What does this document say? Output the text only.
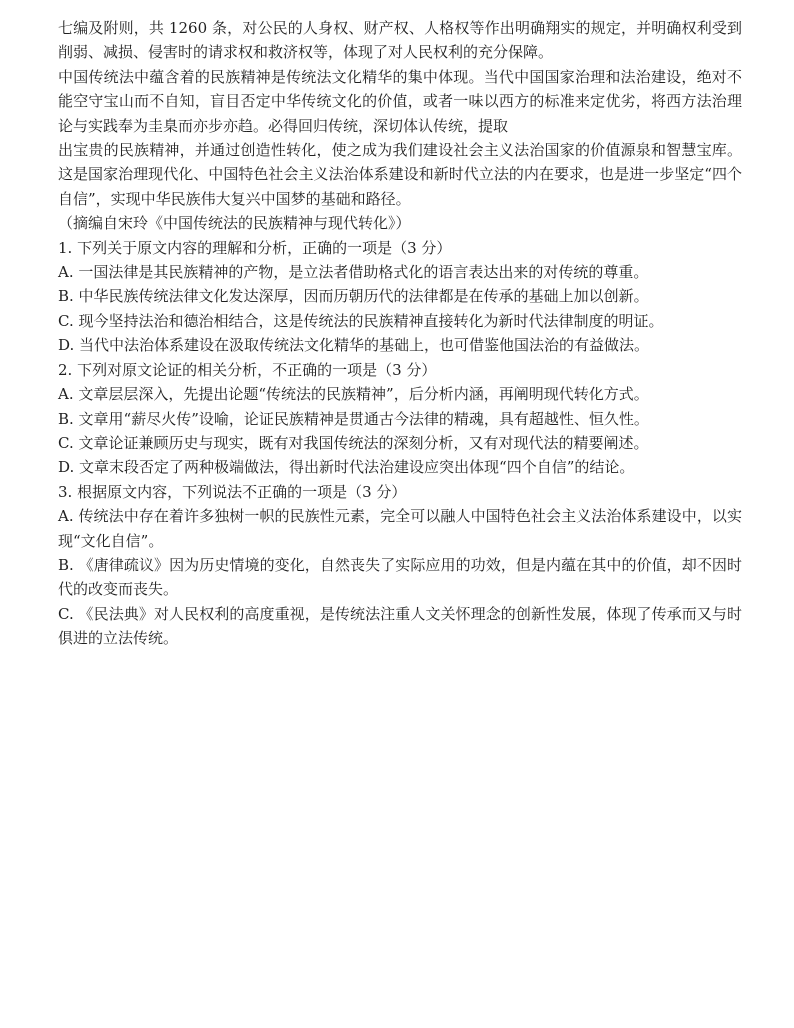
七编及附则，共 1260 条，对公民的人身权、财产权、人格权等作出明确翔实的规定，并明确权利受到削弱、减损、侵害时的请求权和救济权等，体现了对人民权利的充分保障。

中国传统法中蕴含着的民族精神是传统法文化精华的集中体现。当代中国国家治理和法治建设，绝对不能空守宝山而不自知，盲目否定中华传统文化的价值，或者一味以西方的标准来定优劣，将西方法治理论与实践奉为圭臬而亦步亦趋。必得回归传统，深切体认传统，提取

出宝贵的民族精神，并通过创造性转化，使之成为我们建设社会主义法治国家的价值源泉和智慧宝库。这是国家治理现代化、中国特色社会主义法治体系建设和新时代立法的内在要求，也是进一步坚定“四个自信”，实现中华民族伟大复兴中国梦的基础和路径。

（摘编自宋玲《中国传统法的民族精神与现代转化》）

1. 下列关于原文内容的理解和分析，正确的一项是（3 分）

A. 一国法律是其民族精神的产物，是立法者借助格式化的语言表达出来的对传统的尊重。

B. 中华民族传统法律文化发达深厚，因而历朝历代的法律都是在传承的基础上加以创新。

C. 现今坚持法治和德治相结合，这是传统法的民族精神直接转化为新时代法律制度的明证。

D. 当代中法治体系建设在汲取传统法文化精华的基础上，也可借鉴他国法治的有益做法。

2. 下列对原文论证的相关分析，不正确的一项是（3 分）

A. 文章层层深入，先提出论题“传统法的民族精神”，后分析内涵，再阐明现代转化方式。

B. 文章用“薪尽火传”设喻，论证民族精神是贯通古今法律的精魂，具有超越性、恒久性。

C. 文章论证兼顾历史与现实，既有对我国传统法的深刻分析，又有对现代法的精要阐述。

D. 文章末段否定了两种极端做法，得出新时代法治建设应突出体现“四个自信”的结论。

3. 根据原文内容，下列说法不正确的一项是（3 分）

A. 传统法中存在着许多独树一帜的民族性元素，完全可以融人中国特色社会主义法治体系建设中，以实现“文化自信”。

B. 《唐律疏议》因为历史情境的变化，自然丧失了实际应用的功效，但是内蕴在其中的价值，却不因时代的改变而丧失。

C. 《民法典》对人民权利的高度重视，是传统法注重人文关怀理念的创新性发展，体现了传承而又与时俱进的立法传统。
